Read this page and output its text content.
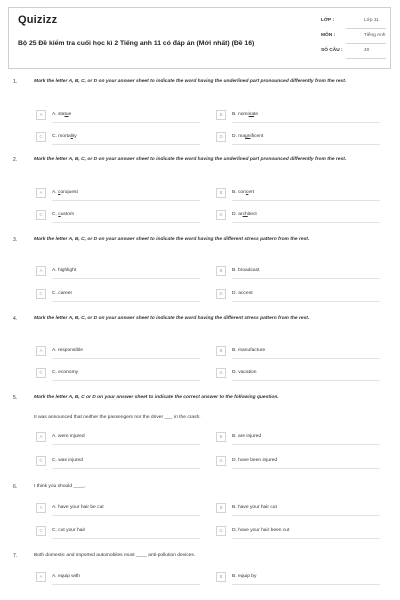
Quizizz
Bộ 25 Đề kiểm tra cuối học kì 2 Tiếng anh 11 có đáp án (Mới nhất) (Đề 16)
LỚP :	Lớp 11
MÔN :	Tiếng Anh
SỐ CÂU :	40
1.	Mark the letter A, B, C, or D on your answer sheet to indicate the word having the underlined part pronounced differently from the rest.
A	A. statue	B	B. nominate
C	C. mortality	D	D. magnificent
2.	Mark the letter A, B, C, or D on your answer sheet to indicate the word having the underlined part pronounced differently from the rest.
A	A. conquest	B	B. concert
C	C. custom	D	D. architect
3.	Mark the letter A, B, C, or D on your answer sheet to indicate the word having the different stress pattern from the rest.
A	A. highlight	B	B. broadcast
C	C. career	D	D. accent
4.	Mark the letter A, B, C, or D on your answer sheet to indicate the word having the different stress pattern from the rest.
A	A. responsible	B	B. manufacture
C	C. economy	D	D. vacation
5.	Mark the letter A, B, C or D on your answer sheet to indicate the correct answer to the following question.
It was announced that neither the passengers nor the driver ___ in the crash.
A	A. were injured	B	B. are injured
C	C. was injured	D	D. have been injured
6.	I think you should ____.
A	A. have your hair be cut	B	B. have your hair cut
C	C. cut your hair	D	D. have your hair been cut
7.	Both domestic and imported automobiles must ____ anti-pollution devices.
A	A. equip with	B	B. equip by
